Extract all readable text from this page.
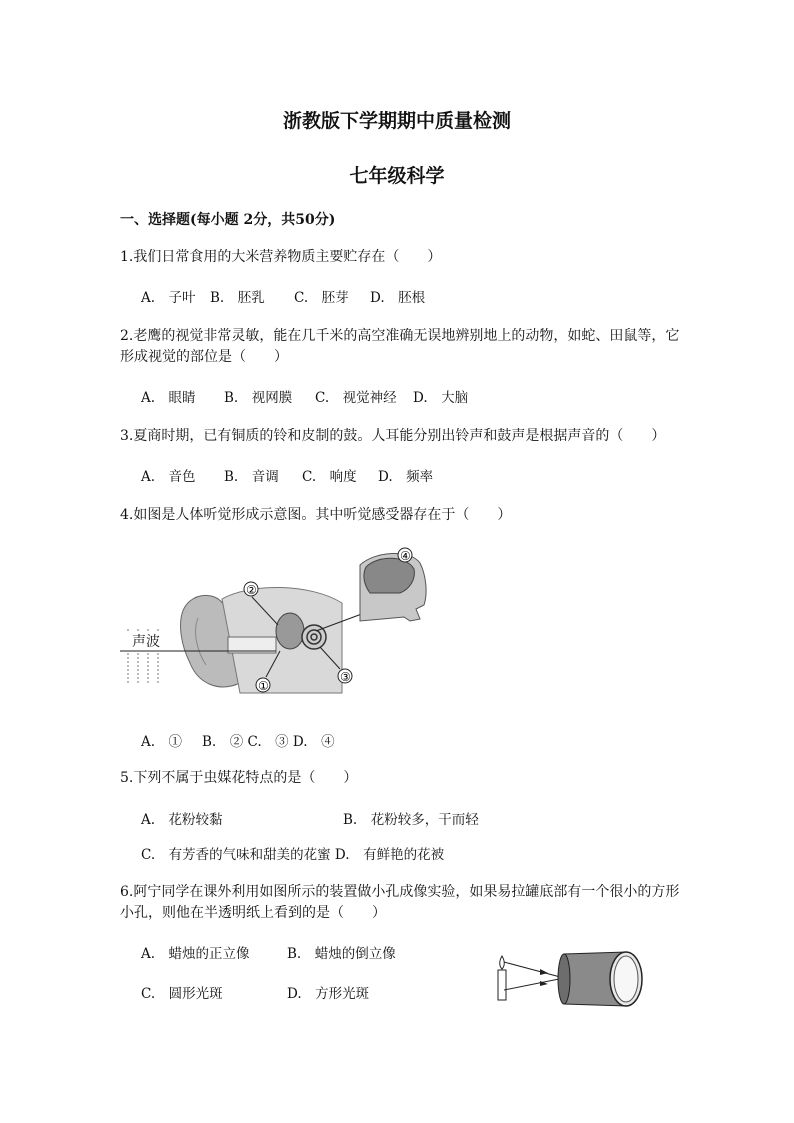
浙教版下学期期中质量检测
七年级科学
一、选择题(每小题 2分，共50分)
1.我们日常食用的大米营养物质主要贮存在（　　）
A.　子叶 B.　胚乳 C.　胚芽 D.　胚根
2.老鹰的视觉非常灵敏，能在几千米的高空准确无误地辨别地上的动物，如蛇、田鼠等，它
形成视觉的部位是（　　）
A.　眼睛 B.　视网膜 C.　视觉神经 D.　大脑
3.夏商时期，已有铜质的铃和皮制的鼓。人耳能分别出铃声和鼓声是根据声音的（　　）
A.　音色 B.　音调 C.　响度 D.　频率
4.如图是人体听觉形成示意图。其中听觉感受器存在于（　　）
声波
②
①
③
④
A.　① B.　② C.　③ D.　④
5.下列不属于虫媒花特点的是（　　）
A.　花粉较黏	B.　花粉较多，干而轻
C.　有芳香的气味和甜美的花蜜 D.　有鲜艳的花被
6.阿宁同学在课外利用如图所示的装置做小孔成像实验，如果易拉罐底部有一个很小的方形
小孔，则他在半透明纸上看到的是（　　）
A.　蜡烛的正立像	B.　蜡烛的倒立像
C.　圆形光斑	D.　方形光斑
